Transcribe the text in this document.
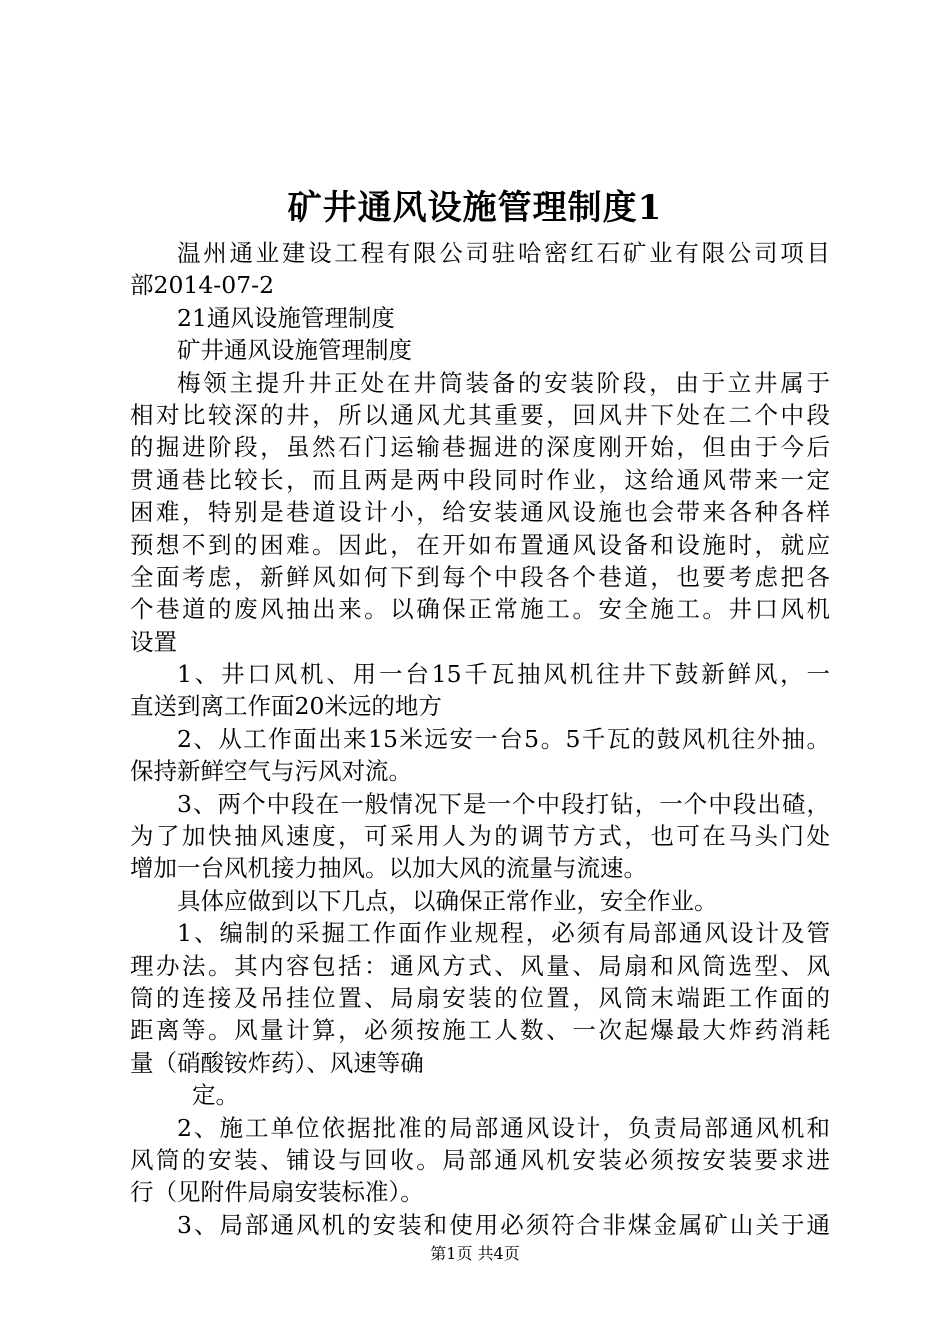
矿井通风设施管理制度1
温州通业建设工程有限公司驻哈密红石矿业有限公司项目
部2014-07-2
21通风设施管理制度
矿井通风设施管理制度
梅领主提升井正处在井筒装备的安装阶段，由于立井属于
相对比较深的井，所以通风尤其重要，回风井下处在二个中段
的掘进阶段，虽然石门运输巷掘进的深度刚开始，但由于今后
贯通巷比较长，而且两是两中段同时作业，这给通风带来一定
困难，特别是巷道设计小，给安装通风设施也会带来各种各样
预想不到的困难。因此，在开如布置通风设备和设施时，就应
全面考虑，新鲜风如何下到每个中段各个巷道，也要考虑把各
个巷道的废风抽出来。以确保正常施工。安全施工。井口风机
设置
1、井口风机、用一台15千瓦抽风机往井下鼓新鲜风，一
直送到离工作面20米远的地方
2、从工作面出来15米远安一台5。5千瓦的鼓风机往外抽。
保持新鲜空气与污风对流。
3、两个中段在一般情况下是一个中段打钻，一个中段出碴，
为了加快抽风速度，可采用人为的调节方式，也可在马头门处
增加一台风机接力抽风。以加大风的流量与流速。
具体应做到以下几点，以确保正常作业，安全作业。
1、编制的采掘工作面作业规程，必须有局部通风设计及管
理办法。其内容包括：通风方式、风量、局扇和风筒选型、风
筒的连接及吊挂位置、局扇安装的位置，风筒末端距工作面的
距离等。风量计算，必须按施工人数、一次起爆最大炸药消耗
量（硝酸铵炸药）、风速等确
定。
2、施工单位依据批准的局部通风设计，负责局部通风机和
风筒的安装、铺设与回收。局部通风机安装必须按安装要求进
行（见附件局扇安装标准）。
3、局部通风机的安装和使用必须符合非煤金属矿山关于通
第1页 共4页
